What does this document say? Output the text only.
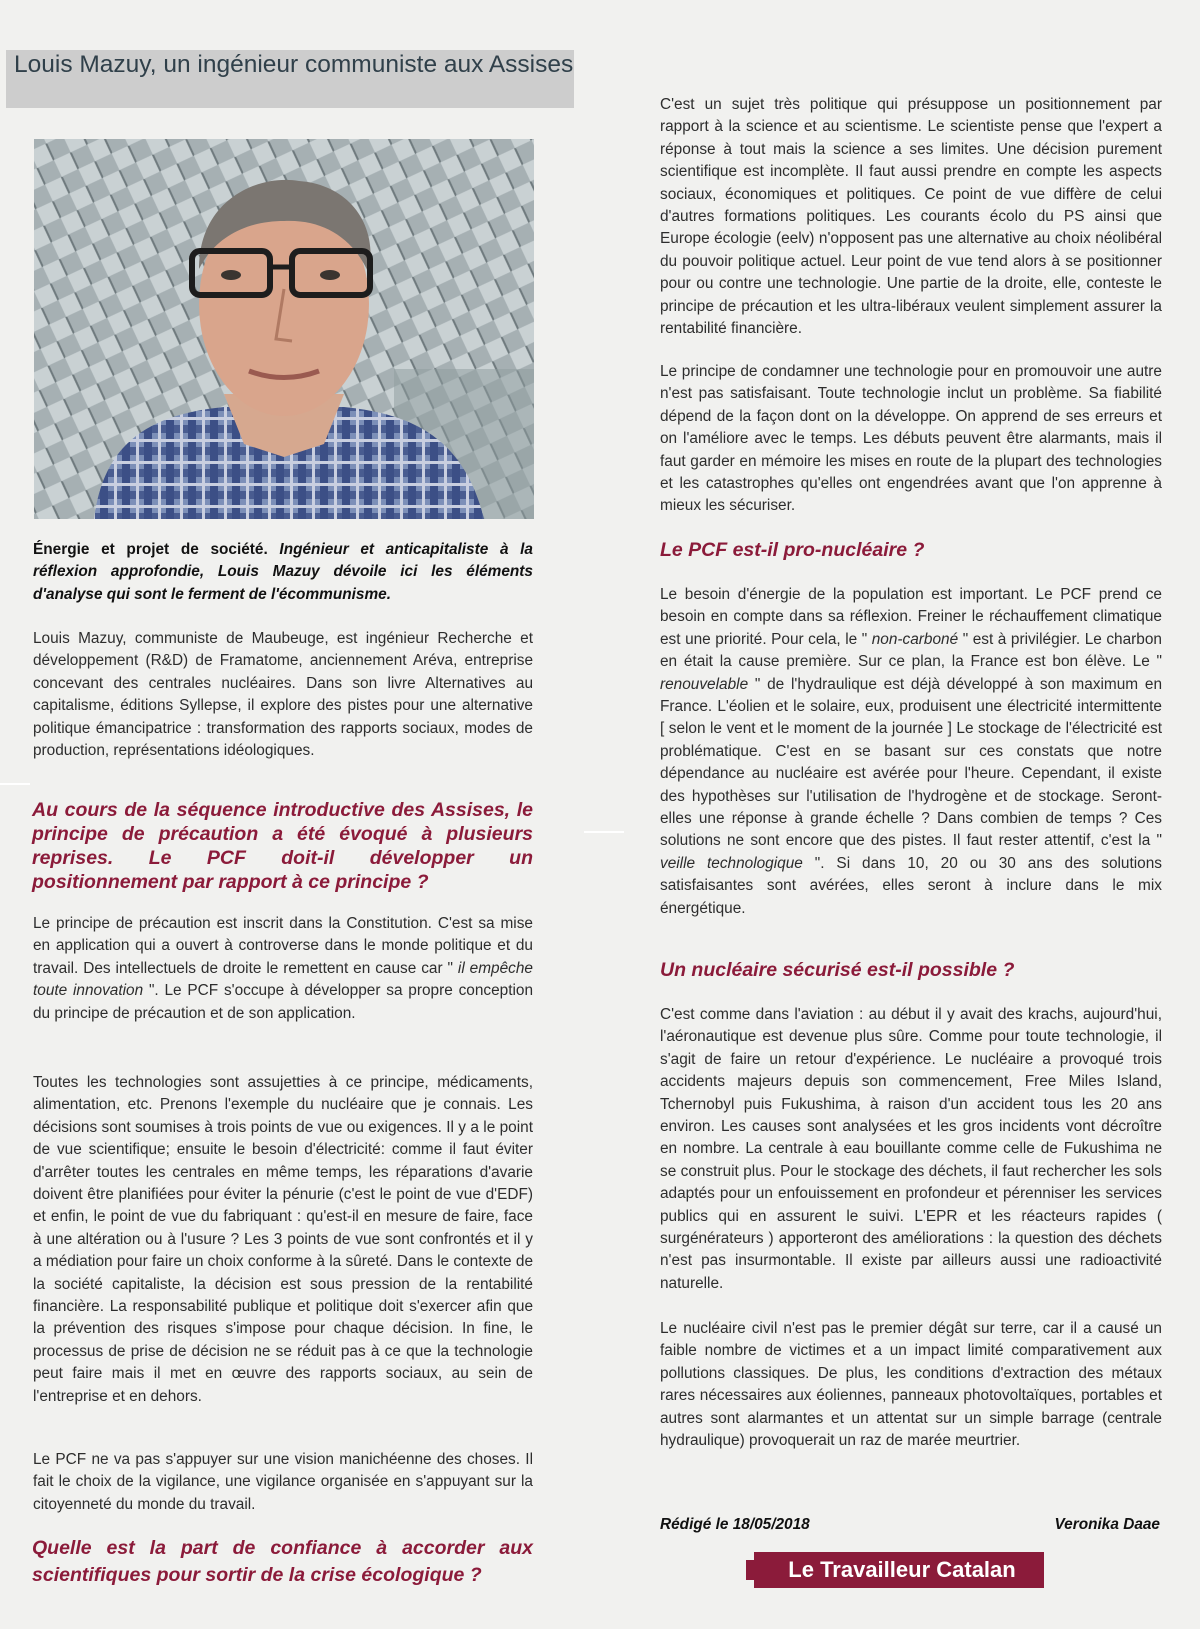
Louis Mazuy, un ingénieur communiste aux Assises

Énergie et projet de société. Ingénieur et anticapitaliste à la réflexion approfondie, Louis Mazuy dévoile ici les éléments d'analyse qui sont le ferment de l'écommunisme.

Louis Mazuy, communiste de Maubeuge, est ingénieur Recherche et développement (R&D) de Framatome, anciennement Aréva, entreprise concevant des centrales nucléaires. Dans son livre Alternatives au capitalisme, éditions Syllepse, il explore des pistes pour une alternative politique émancipatrice : transformation des rapports sociaux, modes de production, représentations idéologiques.

Au cours de la séquence introductive des Assises, le principe de précaution a été évoqué à plusieurs reprises. Le PCF doit-il développer un positionnement par rapport à ce principe ?

Le principe de précaution est inscrit dans la Constitution. C'est sa mise en application qui a ouvert à controverse dans le monde politique et du travail. Des intellectuels de droite le remettent en cause car " il empêche toute innovation ". Le PCF s'occupe à développer sa propre conception du principe de précaution et de son application.

Toutes les technologies sont assujetties à ce principe, médicaments, alimentation, etc. Prenons l'exemple du nucléaire que je connais. Les décisions sont soumises à trois points de vue ou exigences. Il y a le point de vue scientifique; ensuite le besoin d'électricité: comme il faut éviter d'arrêter toutes les centrales en même temps, les réparations d'avarie doivent être planifiées pour éviter la pénurie (c'est le point de vue d'EDF) et enfin, le point de vue du fabriquant : qu'est-il en mesure de faire, face à une altération ou à l'usure ? Les 3 points de vue sont confrontés et il y a médiation pour faire un choix conforme à la sûreté. Dans le contexte de la société capitaliste, la décision est sous pression de la rentabilité financière. La responsabilité publique et politique doit s'exercer afin que la prévention des risques s'impose pour chaque décision. In fine, le processus de prise de décision ne se réduit pas à ce que la technologie peut faire mais il met en œuvre des rapports sociaux, au sein de l'entreprise et en dehors.

Le PCF ne va pas s'appuyer sur une vision manichéenne des choses. Il fait le choix de la vigilance, une vigilance organisée en s'appuyant sur la citoyenneté du monde du travail.

Quelle est la part de confiance à accorder aux scientifiques pour sortir de la crise écologique ?

C'est un sujet très politique qui présuppose un positionnement par rapport à la science et au scientisme. Le scientiste pense que l'expert a réponse à tout mais la science a ses limites. Une décision purement scientifique est incomplète. Il faut aussi prendre en compte les aspects sociaux, économiques et politiques. Ce point de vue diffère de celui d'autres formations politiques. Les courants écolo du PS ainsi que Europe écologie (eelv) n'opposent pas une alternative au choix néolibéral du pouvoir politique actuel. Leur point de vue tend alors à se positionner pour ou contre une technologie. Une partie de la droite, elle, conteste le principe de précaution et les ultra-libéraux veulent simplement assurer la rentabilité financière.

Le principe de condamner une technologie pour en promouvoir une autre n'est pas satisfaisant. Toute technologie inclut un problème. Sa fiabilité dépend de la façon dont on la développe. On apprend de ses erreurs et on l'améliore avec le temps. Les débuts peuvent être alarmants, mais il faut garder en mémoire les mises en route de la plupart des technologies et les catastrophes qu'elles ont engendrées avant que l'on apprenne à mieux les sécuriser.

Le PCF est-il pro-nucléaire ?

Le besoin d'énergie de la population est important. Le PCF prend ce besoin en compte dans sa réflexion. Freiner le réchauffement climatique est une priorité. Pour cela, le " non-carboné " est à privilégier. Le charbon en était la cause première. Sur ce plan, la France est bon élève. Le " renouvelable " de l'hydraulique est déjà développé à son maximum en France. L'éolien et le solaire, eux, produisent une électricité intermittente [ selon le vent et le moment de la journée ] Le stockage de l'électricité est problématique. C'est en se basant sur ces constats que notre dépendance au nucléaire est avérée pour l'heure. Cependant, il existe des hypothèses sur l'utilisation de l'hydrogène et de stockage. Seront-elles une réponse à grande échelle ? Dans combien de temps ? Ces solutions ne sont encore que des pistes. Il faut rester attentif, c'est la " veille technologique ". Si dans 10, 20 ou 30 ans des solutions satisfaisantes sont avérées, elles seront à inclure dans le mix énergétique.

Un nucléaire sécurisé est-il possible ?

C'est comme dans l'aviation : au début il y avait des krachs, aujourd'hui, l'aéronautique est devenue plus sûre. Comme pour toute technologie, il s'agit de faire un retour d'expérience. Le nucléaire a provoqué trois accidents majeurs depuis son commencement, Free Miles Island, Tchernobyl puis Fukushima, à raison d'un accident tous les 20 ans environ. Les causes sont analysées et les gros incidents vont décroître en nombre. La centrale à eau bouillante comme celle de Fukushima ne se construit plus. Pour le stockage des déchets, il faut rechercher les sols adaptés pour un enfouissement en profondeur et pérenniser les services publics qui en assurent le suivi. L'EPR et les réacteurs rapides ( surgénérateurs ) apporteront des améliorations : la question des déchets n'est pas insurmontable. Il existe par ailleurs aussi une radioactivité naturelle.

Le nucléaire civil n'est pas le premier dégât sur terre, car il a causé un faible nombre de victimes et a un impact limité comparativement aux pollutions classiques. De plus, les conditions d'extraction des métaux rares nécessaires aux éoliennes, panneaux photovoltaïques, portables et autres sont alarmantes et un attentat sur un simple barrage (centrale hydraulique) provoquerait un raz de marée meurtrier.

Rédigé le 18/05/2018	Veronika Daae
Le Travailleur Catalan
